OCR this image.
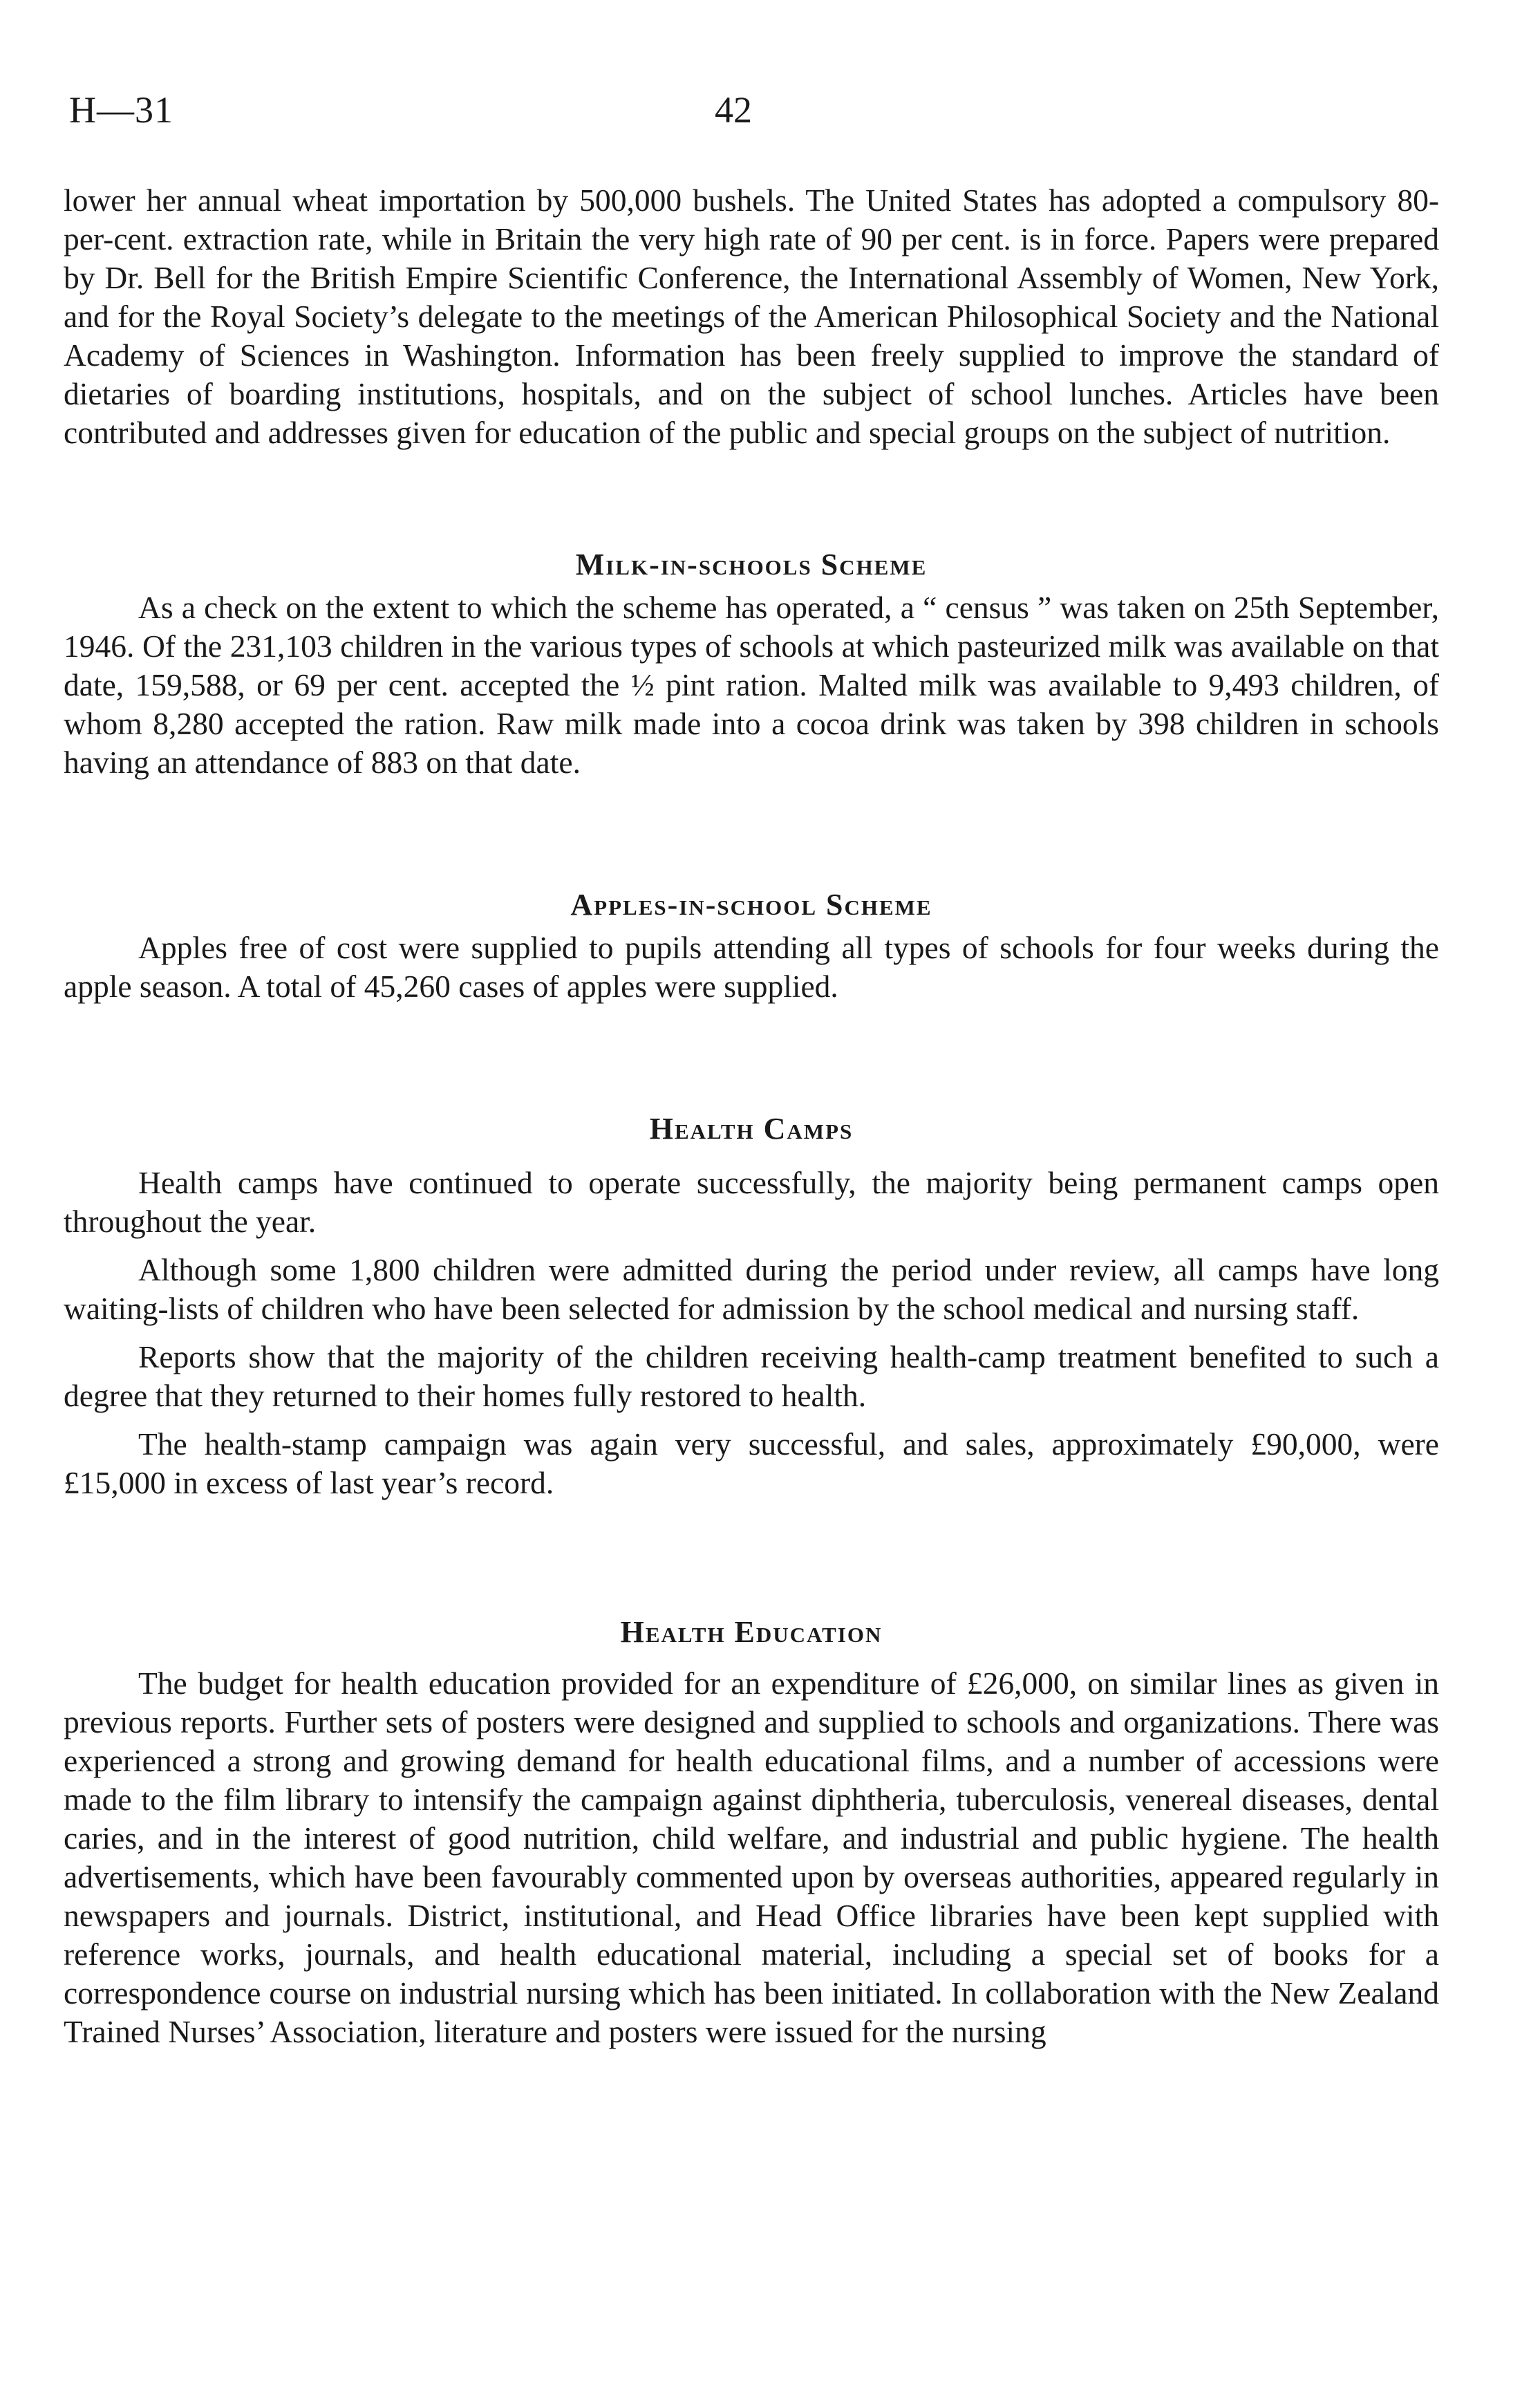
H—31	42

lower her annual wheat importation by 500,000 bushels. The United States has adopted a compulsory 80-per-cent. extraction rate, while in Britain the very high rate of 90 per cent. is in force. Papers were prepared by Dr. Bell for the British Empire Scientific Conference, the International Assembly of Women, New York, and for the Royal Society’s delegate to the meetings of the American Philosophical Society and the National Academy of Sciences in Washington. Information has been freely supplied to improve the standard of dietaries of boarding institutions, hospitals, and on the subject of school lunches. Articles have been contributed and addresses given for education of the public and special groups on the subject of nutrition.

Milk-in-schools Scheme

As a check on the extent to which the scheme has operated, a “ census ” was taken on 25th September, 1946. Of the 231,103 children in the various types of schools at which pasteurized milk was available on that date, 159,588, or 69 per cent. accepted the ½ pint ration. Malted milk was available to 9,493 children, of whom 8,280 accepted the ration. Raw milk made into a cocoa drink was taken by 398 children in schools having an attendance of 883 on that date.

Apples-in-school Scheme

Apples free of cost were supplied to pupils attending all types of schools for four weeks during the apple season. A total of 45,260 cases of apples were supplied.

Health Camps

Health camps have continued to operate successfully, the majority being permanent camps open throughout the year.

Although some 1,800 children were admitted during the period under review, all camps have long waiting-lists of children who have been selected for admission by the school medical and nursing staff.

Reports show that the majority of the children receiving health-camp treatment benefited to such a degree that they returned to their homes fully restored to health.

The health-stamp campaign was again very successful, and sales, approximately £90,000, were £15,000 in excess of last year’s record.

Health Education

The budget for health education provided for an expenditure of £26,000, on similar lines as given in previous reports. Further sets of posters were designed and supplied to schools and organizations. There was experienced a strong and growing demand for health educational films, and a number of accessions were made to the film library to intensify the campaign against diphtheria, tuberculosis, venereal diseases, dental caries, and in the interest of good nutrition, child welfare, and industrial and public hygiene. The health advertisements, which have been favourably commented upon by overseas authorities, appeared regularly in newspapers and journals. District, institutional, and Head Office libraries have been kept supplied with reference works, journals, and health educational material, including a special set of books for a correspondence course on industrial nursing which has been initiated. In collaboration with the New Zealand Trained Nurses’ Association, literature and posters were issued for the nursing
